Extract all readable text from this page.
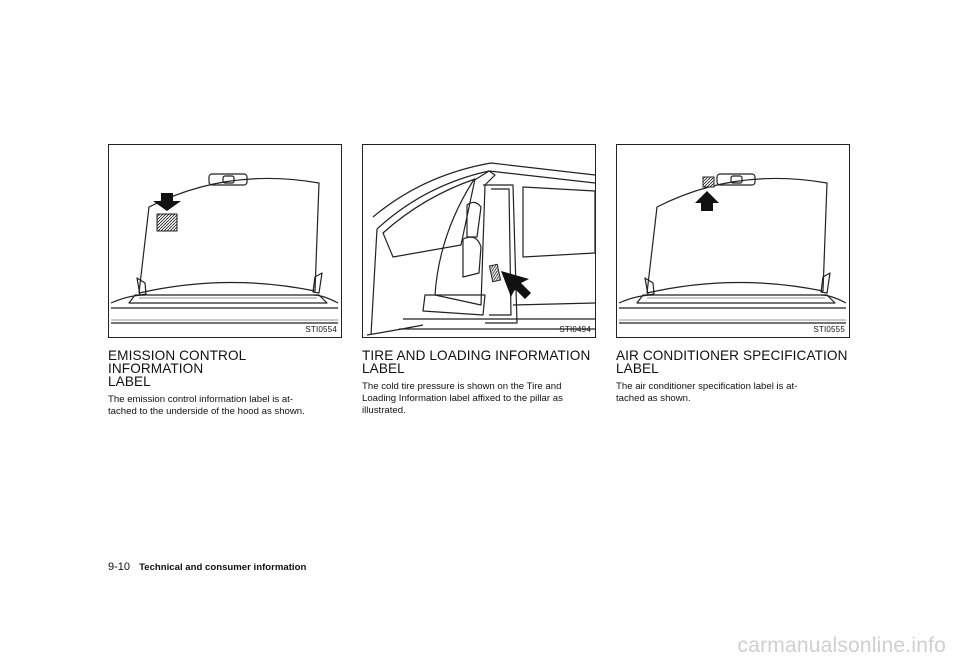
STI0554
EMISSION CONTROL INFORMATION
LABEL

The emission control information label is at-
tached to the underside of the hood as shown.

STI0494
TIRE AND LOADING INFORMATION
LABEL

The cold tire pressure is shown on the Tire and
Loading Information label affixed to the pillar as
illustrated.

STI0555
AIR CONDITIONER SPECIFICATION
LABEL

The air conditioner specification label is at-
tached as shown.

9-10 Technical and consumer information
carmanualsonline.info
